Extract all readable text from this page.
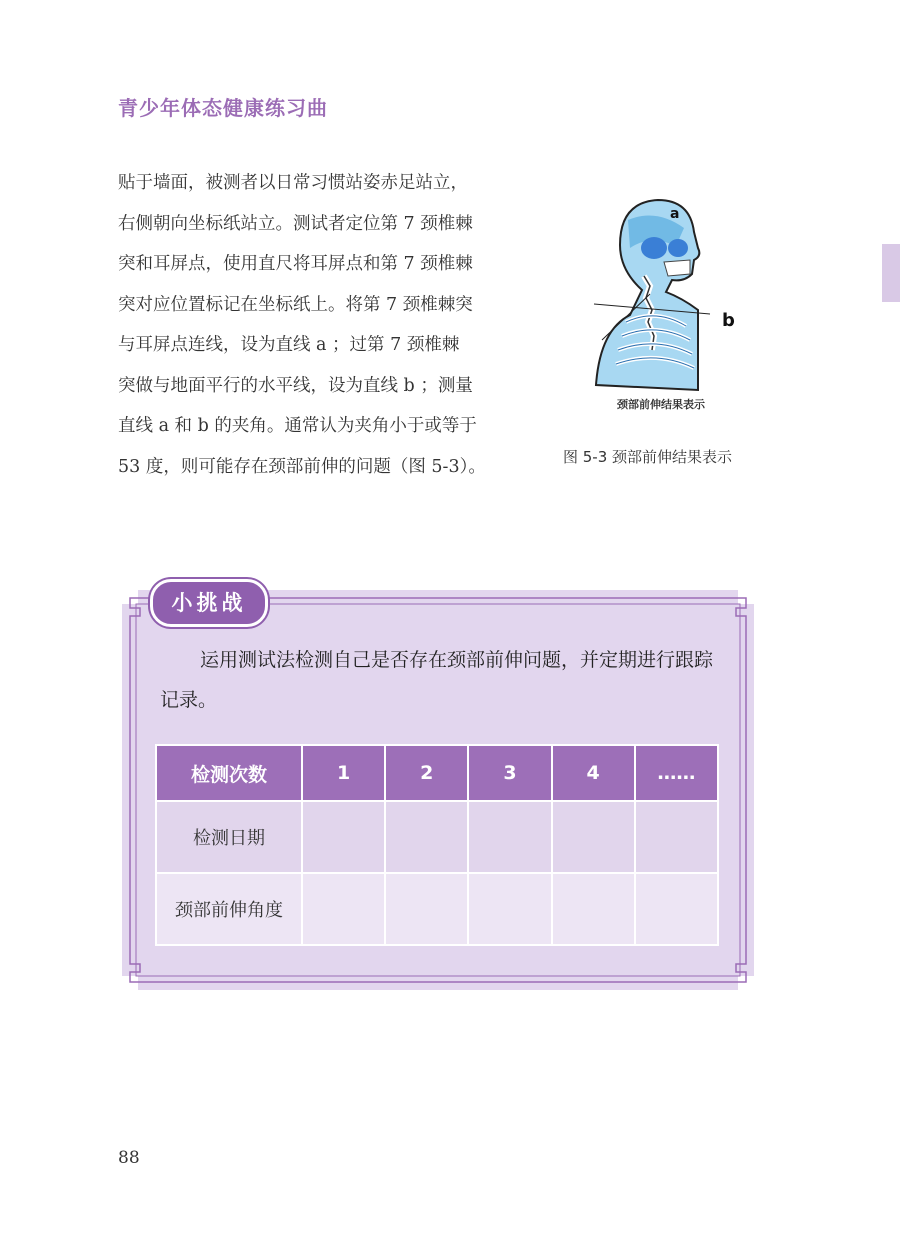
青少年体态健康练习曲

贴于墙面，被测者以日常习惯站姿赤足站立，

右侧朝向坐标纸站立。测试者定位第 7 颈椎棘

突和耳屏点，使用直尺将耳屏点和第 7 颈椎棘

突对应位置标记在坐标纸上。将第 7 颈椎棘突

与耳屏点连线，设为直线 a ；过第 7 颈椎棘

突做与地面平行的水平线，设为直线 b ；测量

直线 a 和 b 的夹角。通常认为夹角小于或等于

53 度，则可能存在颈部前伸的问题（图 5-3）。

a
b
颈部前伸结果表示
图 5-3 颈部前伸结果表示
小挑战
运用测试法检测自己是否存在颈部前伸问题，并定期进行跟踪记录。
检测次数	1	2	3	4	……
检测日期					
颈部前伸角度					
88
